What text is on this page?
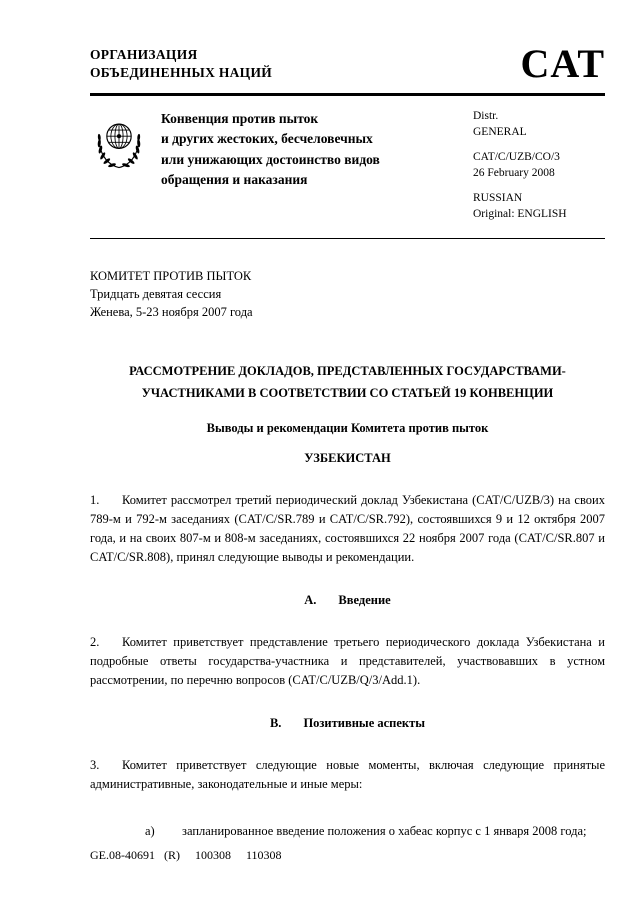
ОРГАНИЗАЦИЯ
ОБЪЕДИНЕННЫХ НАЦИЙ	CAT
Конвенция против пыток
и других жестоких, бесчеловечных
или унижающих достоинство видов
обращения и наказания
Distr.
GENERAL
CAT/C/UZB/CO/3
26 February 2008
RUSSIAN
Original: ENGLISH
КОМИТЕТ ПРОТИВ ПЫТОК
Тридцать девятая сессия
Женева, 5-23 ноября 2007 года
РАССМОТРЕНИЕ ДОКЛАДОВ, ПРЕДСТАВЛЕННЫХ ГОСУДАРСТВАМИ-
УЧАСТНИКАМИ В СООТВЕТСТВИИ СО СТАТЬЕЙ 19 КОНВЕНЦИИ
Выводы и рекомендации Комитета против пыток
УЗБЕКИСТАН
1. Комитет рассмотрел третий периодический доклад Узбекистана (CAT/C/UZB/3) на своих 789-м и 792-м заседаниях (CAT/C/SR.789 и CAT/C/SR.792), состоявшихся 9 и 12 октября 2007 года, и на своих 807-м и 808-м заседаниях, состоявшихся 22 ноября 2007 года (CAT/C/SR.807 и CAT/C/SR.808), принял следующие выводы и рекомендации.
A. Введение
2. Комитет приветствует представление третьего периодического доклада Узбекистана и подробные ответы государства-участника и представителей, участвовавших в устном рассмотрении, по перечню вопросов (CAT/C/UZB/Q/3/Add.1).
B. Позитивные аспекты
3. Комитет приветствует следующие новые моменты, включая следующие принятые административные, законодательные и иные меры:
a) запланированное введение положения о хабеас корпус с 1 января 2008 года;
GE.08-40691   (R)     100308     110308
